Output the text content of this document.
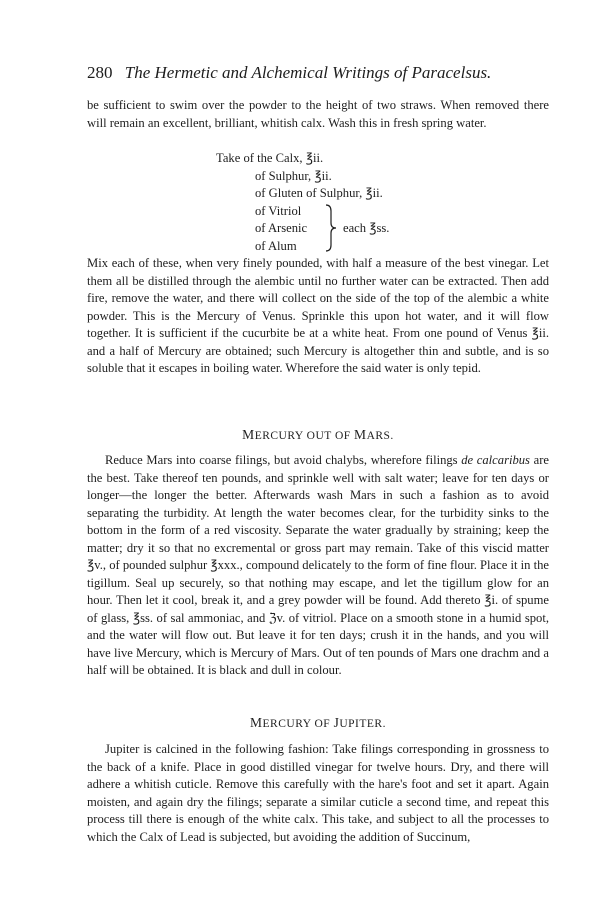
280 The Hermetic and Alchemical Writings of Paracelsus.

be sufficient to swim over the powder to the height of two straws. When removed there will remain an excellent, brilliant, whitish calx. Wash this in fresh spring water.

Take of the Calx, ℥ii.
of Sulphur, ℥ii.
of Gluten of Sulphur, ℥ii.
of Vitriol
of Arsenic
of Alum
each ℥ss.

Mix each of these, when very finely pounded, with half a measure of the best vinegar. Let them all be distilled through the alembic until no further water can be extracted. Then add fire, remove the water, and there will collect on the side of the top of the alembic a white powder. This is the Mercury of Venus. Sprinkle this upon hot water, and it will flow together. It is sufficient if the cucurbite be at a white heat. From one pound of Venus ℥ii. and a half of Mercury are obtained; such Mercury is altogether thin and subtle, and is so soluble that it escapes in boiling water. Wherefore the said water is only tepid.

MERCURY OUT OF MARS.

Reduce Mars into coarse filings, but avoid chalybs, wherefore filings de calcaribus are the best. Take thereof ten pounds, and sprinkle well with salt water; leave for ten days or longer—the longer the better. Afterwards wash Mars in such a fashion as to avoid separating the turbidity. At length the water becomes clear, for the turbidity sinks to the bottom in the form of a red viscosity. Separate the water gradually by straining; keep the matter; dry it so that no excremental or gross part may remain. Take of this viscid matter ℥v., of pounded sulphur ℥xxx., compound delicately to the form of fine flour. Place it in the tigillum. Seal up securely, so that nothing may escape, and let the tigillum glow for an hour. Then let it cool, break it, and a grey powder will be found. Add thereto ℥i. of spume of glass, ℥ss. of sal ammoniac, and ℨv. of vitriol. Place on a smooth stone in a humid spot, and the water will flow out. But leave it for ten days; crush it in the hands, and you will have live Mercury, which is Mercury of Mars. Out of ten pounds of Mars one drachm and a half will be obtained. It is black and dull in colour.

MERCURY OF JUPITER.

Jupiter is calcined in the following fashion: Take filings corresponding in grossness to the back of a knife. Place in good distilled vinegar for twelve hours. Dry, and there will adhere a whitish cuticle. Remove this carefully with the hare's foot and set it apart. Again moisten, and again dry the filings; separate a similar cuticle a second time, and repeat this process till there is enough of the white calx. This take, and subject to all the processes to which the Calx of Lead is subjected, but avoiding the addition of Succinum,
